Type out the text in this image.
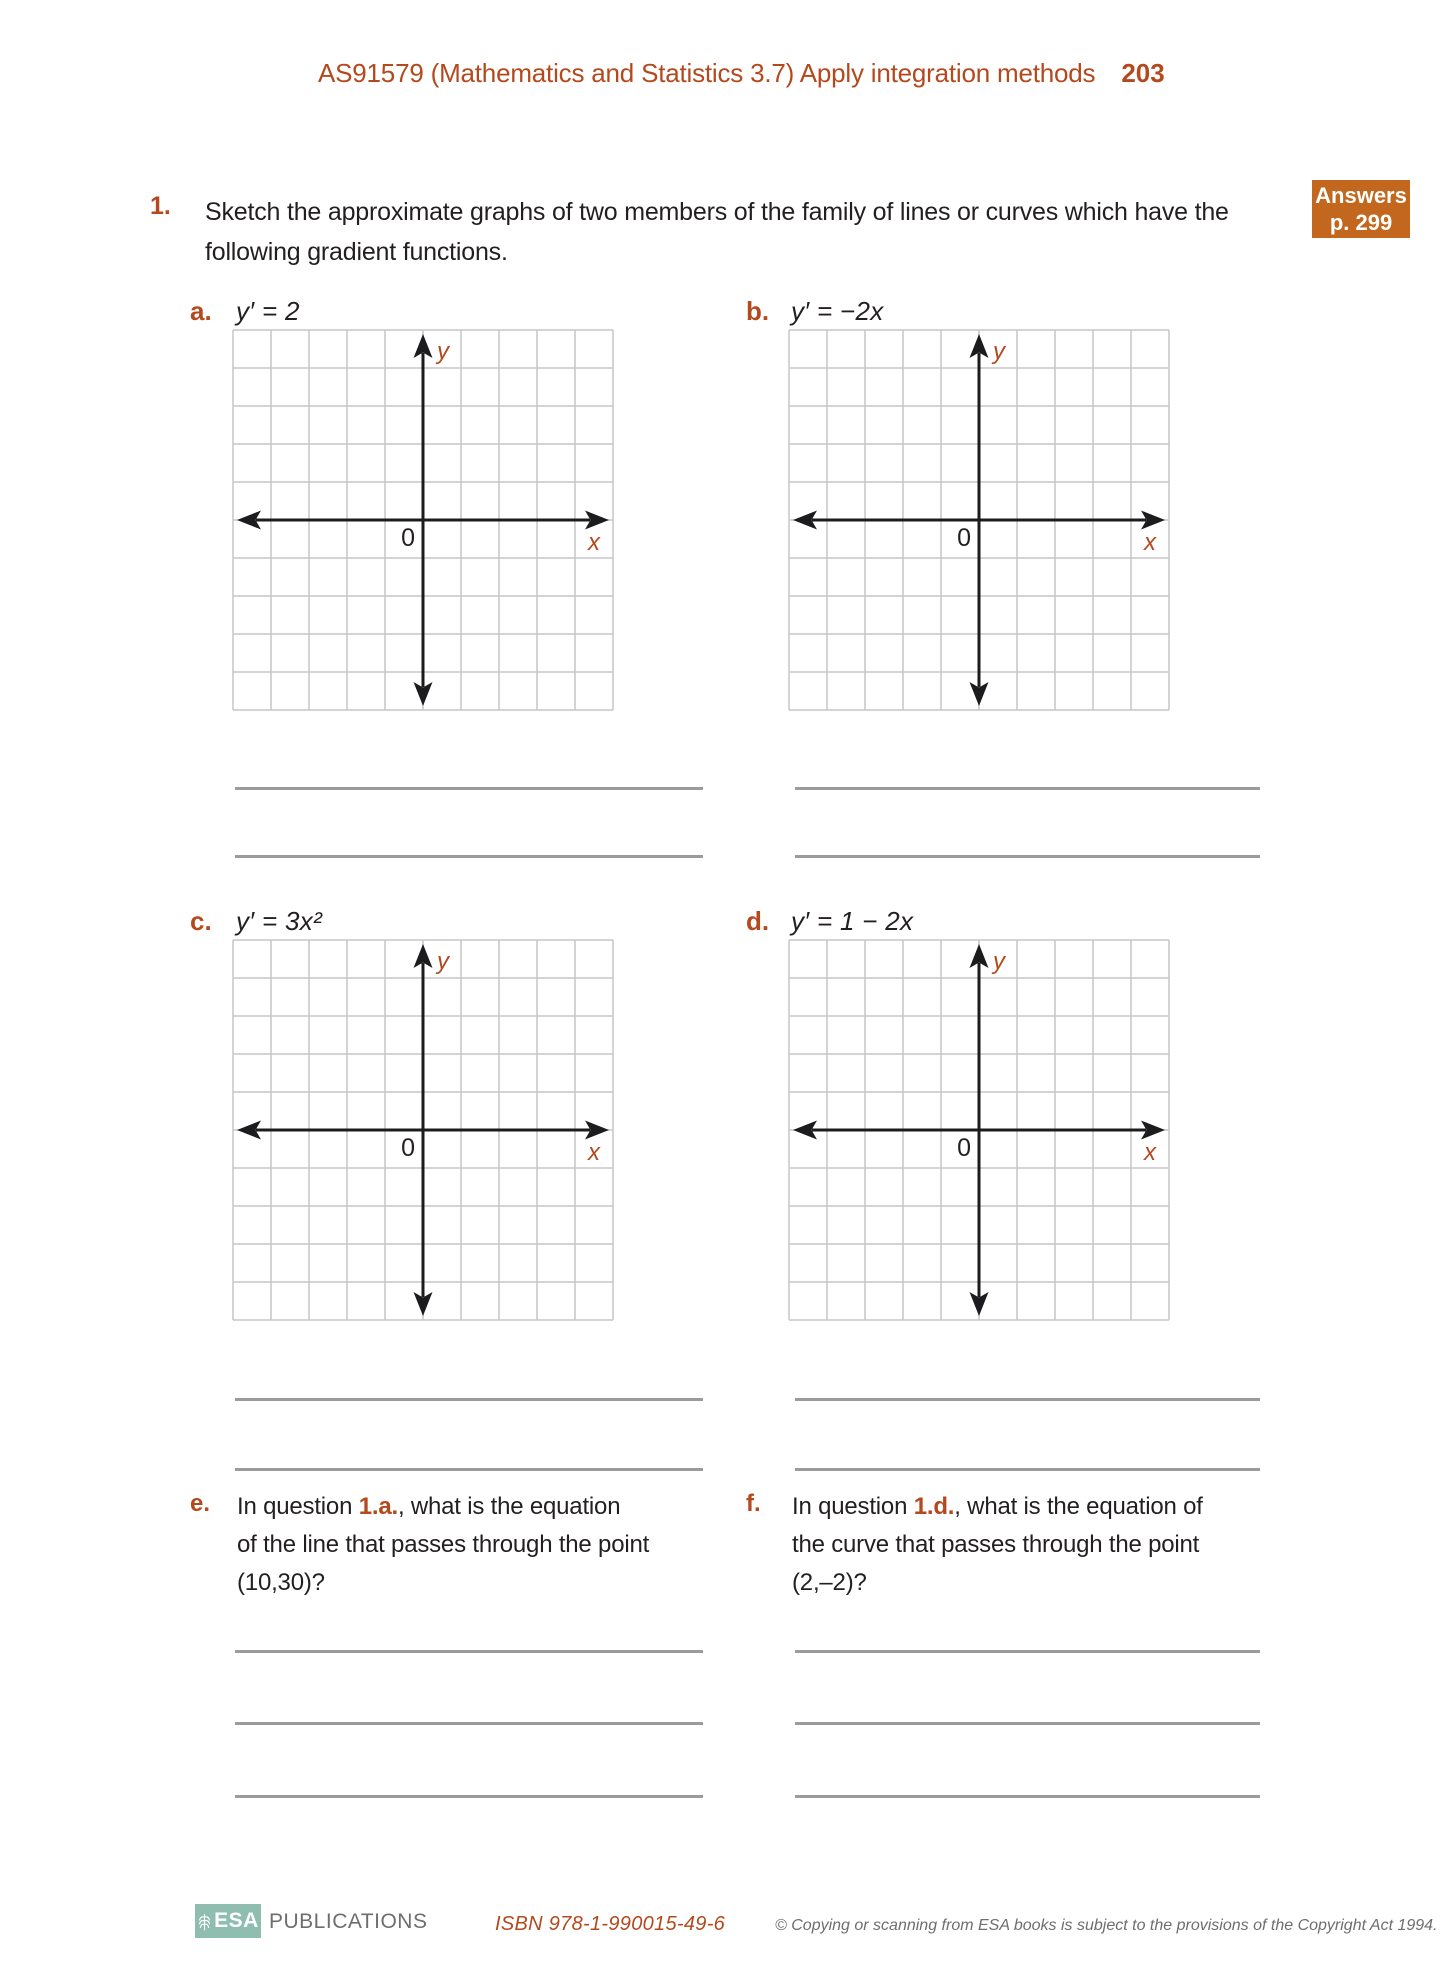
AS91579 (Mathematics and Statistics 3.7) Apply integration methods 203
Answers
p. 299
1. Sketch the approximate graphs of two members of the family of lines or curves which have the
following gradient functions.
a. y′ = 2
y
x
0
b. y′ = −2x
y
x
0
c. y′ = 3x²
y
x
0
d. y′ = 1 − 2x
y
x
0
e. In question 1.a., what is the equation
of the line that passes through the point
(10,30)?
f. In question 1.d., what is the equation of
the curve that passes through the point
(2,–2)?
ESA PUBLICATIONS	ISBN 978-1-990015-49-6	© Copying or scanning from ESA books is subject to the provisions of the Copyright Act 1994.
